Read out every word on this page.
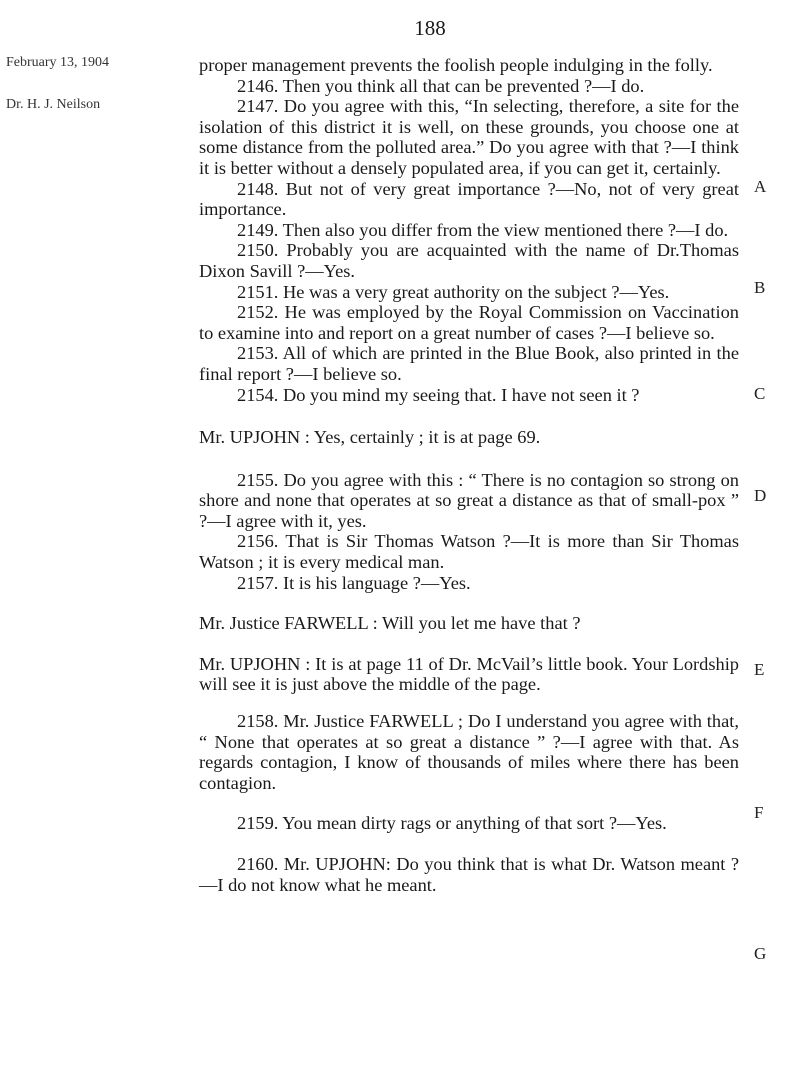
188
February 13, 1904
Dr. H. J. Neilson
A
B
C
D
E
F
G

proper management prevents the foolish people indulging in the folly.

2146. Then you think all that can be prevented ?—I do.

2147. Do you agree with this, “In selecting, therefore, a site for the isolation of this district it is well, on these grounds, you choose one at some distance from the polluted area.” Do you agree with that ?—I think it is better without a densely populated area, if you can get it, certainly.

2148. But not of very great importance ?—No, not of very great importance.

2149. Then also you differ from the view mentioned there ?—I do.

2150. Probably you are acquainted with the name of Dr.Thomas Dixon Savill ?—Yes.

2151. He was a very great authority on the subject ?—Yes.

2152. He was employed by the Royal Commission on Vaccination to examine into and report on a great number of cases ?—I believe so.

2153. All of which are printed in the Blue Book, also printed in the final report ?—I believe so.

2154. Do you mind my seeing that. I have not seen it ?

Mr. UPJOHN : Yes, certainly ; it is at page 69.

2155. Do you agree with this : “ There is no contagion so strong on shore and none that operates at so great a distance as that of small-pox ” ?—I agree with it, yes.

2156. That is Sir Thomas Watson ?—It is more than Sir Thomas Watson ; it is every medical man.

2157. It is his language ?—Yes.

Mr. Justice FARWELL : Will you let me have that ?

Mr. UPJOHN : It is at page 11 of Dr. McVail’s little book. Your Lordship will see it is just above the middle of the page.

2158. Mr. Justice FARWELL ; Do I understand you agree with that, “ None that operates at so great a distance ” ?—I agree with that. As regards contagion, I know of thousands of miles where there has been contagion.

2159. You mean dirty rags or anything of that sort ?—Yes.

2160. Mr. UPJOHN: Do you think that is what Dr. Watson meant ?—I do not know what he meant.
